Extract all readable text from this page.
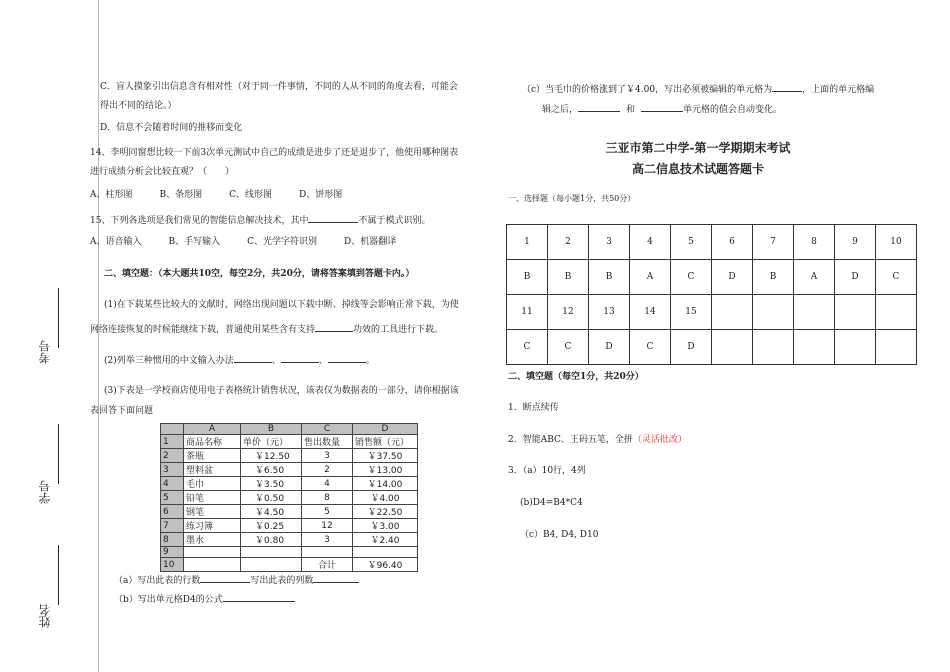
考号
学号
姓名
C．盲人摸象引出信息含有相对性（对于同一件事情，不同的人从不同的角度去看，可能会
得出不同的结论。）
D．信息不会随着时间的推移而变化
14、李明同窗想比较一下前3次单元测试中自己的成绩是进步了还是退步了，他使用哪种图表
进行成绩分析会比较直观？（　　）
A、柱形图　　　B、条形图　　　C、线形图　　　D、饼形图
15、下列各选项是我们常见的智能信息解决技术，其中	不属于模式识别。
A、语音输入　　　B、手写输入　　　C、光学字符识别　　　D、机器翻译
二、填空题：（本大题共10空，每空2分，共20分，请将答案填到答题卡内。）
(1)在下载某些比较大的文献时，网络出现问题以下载中断、掉线等会影响正常下载，为使
网络连接恢复的时候能继续下载，普通使用某些含有支持	功效的工具进行下载。
(2)列举三种惯用的中文输入办法	、	、	。
(3)下表是一学校商店使用电子表格统计销售状况，该表仅为数据表的一部分，请你根据该
表回答下面问题
	A	B	C	D
1	商品名称	单价（元）	售出数量	销售额（元）
2	茶瓶	￥12.50	3	￥37.50
3	塑料盆	￥6.50	2	￥13.00
4	毛巾	￥3.50	4	￥14.00
5	铅笔	￥0.50	8	￥4.00
6	钢笔	￥4.50	5	￥22.50
7	练习簿	￥0.25	12	￥3.00
8	墨水	￥0.80	3	￥2.40
9				
10			合计	￥96.40
（a）写出此表的行数	写出此表的列数
（b）写出单元格D4的公式
（c）当毛巾的价格涨到了￥4.00，写出必须被编辑的单元格为	，上面的单元格编
辑之后，	和	单元格的值会自动变化。
三亚市第二中学-第一学期期末考试
高二信息技术试题答题卡
一、选择题（每小题1分，共50分）
1	2	3	4	5	6	7	8	9	10
B	B	B	A	C	D	B	A	D	C
11	12	13	14	15					
C	C	D	C	D					
二、填空题（每空1分，共20分）
1．断点续传
2．智能ABC、王码五笔，全拼（灵活批改）
3．（a）10行，4列
(b)D4=B4*C4
（c）B4, D4, D10
